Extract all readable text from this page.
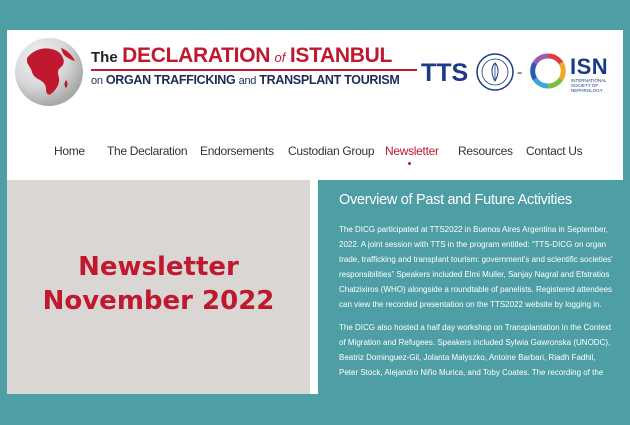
The DECLARATION of ISTANBUL
on ORGAN TRAFFICKING and TRANSPLANT TOURISM TTS	- ISN
INTERNATIONAL SOCIETY OF NEPHROLOGY
Home The Declaration Endorsements Custodian Group Newsletter Resources Contact Us
Newsletter
November 2022
Overview of Past and Future Activities

The DICG participated at TTS2022 in Buenos Aires Argentina in September, 2022. A joint session with TTS in the program entitled: “TTS-DICG on organ trade, trafficking and transplant tourism: government's and scientific societies' responsibilities” Speakers included Elmi Muller, Sanjay Nagral and Efstratios Chatzixiros (WHO) alongside a roundtable of panelists. Registered attendees can view the recorded presentation on the TTS2022 website by logging in.

The DICG also hosted a half day workshop on Transplantation in the Context of Migration and Refugees. Speakers included Sylwia Gawronska (UNODC), Beatriz Dominguez-Gil, Jolanta Malyszko, Antoine Barbari, Riadh Fadhil, Peter Stock, Alejandro Niño Murica, and Toby Coates. The recording of the
